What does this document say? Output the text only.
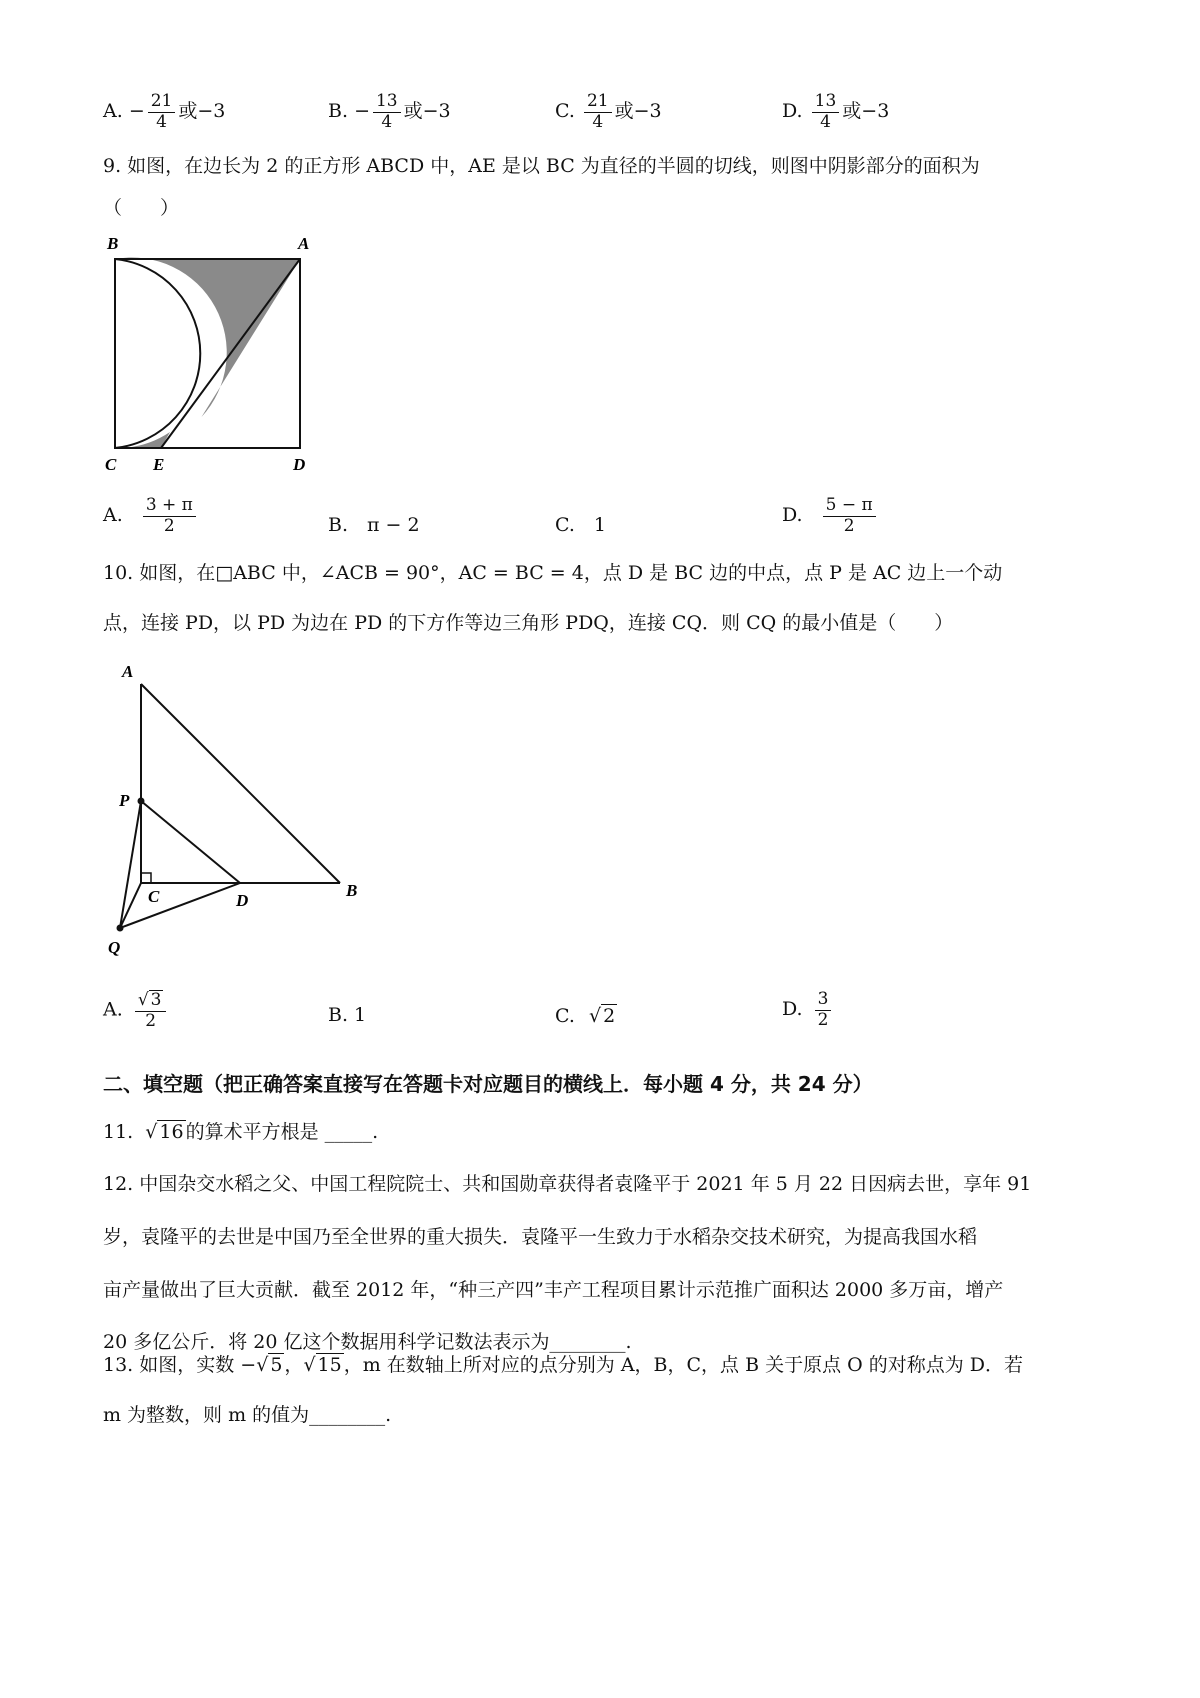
A. − $\frac{21}{4}$ 或−3	B. − $\frac{13}{4}$ 或−3	C. $\frac{21}{4}$ 或−3	D. $\frac{13}{4}$ 或−3
9. 如图，在边长为 2 的正方形 ABCD 中，AE 是以 BC 为直径的半圆的切线，则图中阴影部分的面积为
（　　）
B	A
C E	D
A. $\frac{3 + \pi}{2}$	B.　π − 2	C.　1	D. $\frac{5 - \pi}{2}$
10. 如图，在□ABC 中，∠ACB = 90°，AC = BC = 4，点 D 是 BC 边的中点，点 P 是 AC 边上一个动
点，连接 PD，以 PD 为边在 PD 的下方作等边三角形 PDQ，连接 CQ．则 CQ 的最小值是（　　）
A
P
C	D
B
Q
A. $\frac{√ 3}{2}$	B. 1	C. √ 2	D. $\frac{3}{2}$
二、填空题（把正确答案直接写在答题卡对应题目的横线上．每小题 4 分，共 24 分）
11. √ 16 的算术平方根是 _____.
12. 中国杂交水稻之父、中国工程院院士、共和国勋章获得者袁隆平于 2021 年 5 月 22 日因病去世，享年 91
岁，袁隆平的去世是中国乃至全世界的重大损失．袁隆平一生致力于水稻杂交技术研究，为提高我国水稻
亩产量做出了巨大贡献．截至 2012 年，“种三产四”丰产工程项目累计示范推广面积达 2000 多万亩，增产
20 多亿公斤．将 20 亿这个数据用科学记数法表示为________.
13. 如图，实数 −√ 5 ，√ 15 ，m 在数轴上所对应的点分别为 A，B，C，点 B 关于原点 O 的对称点为 D．若
m 为整数，则 m 的值为________.
